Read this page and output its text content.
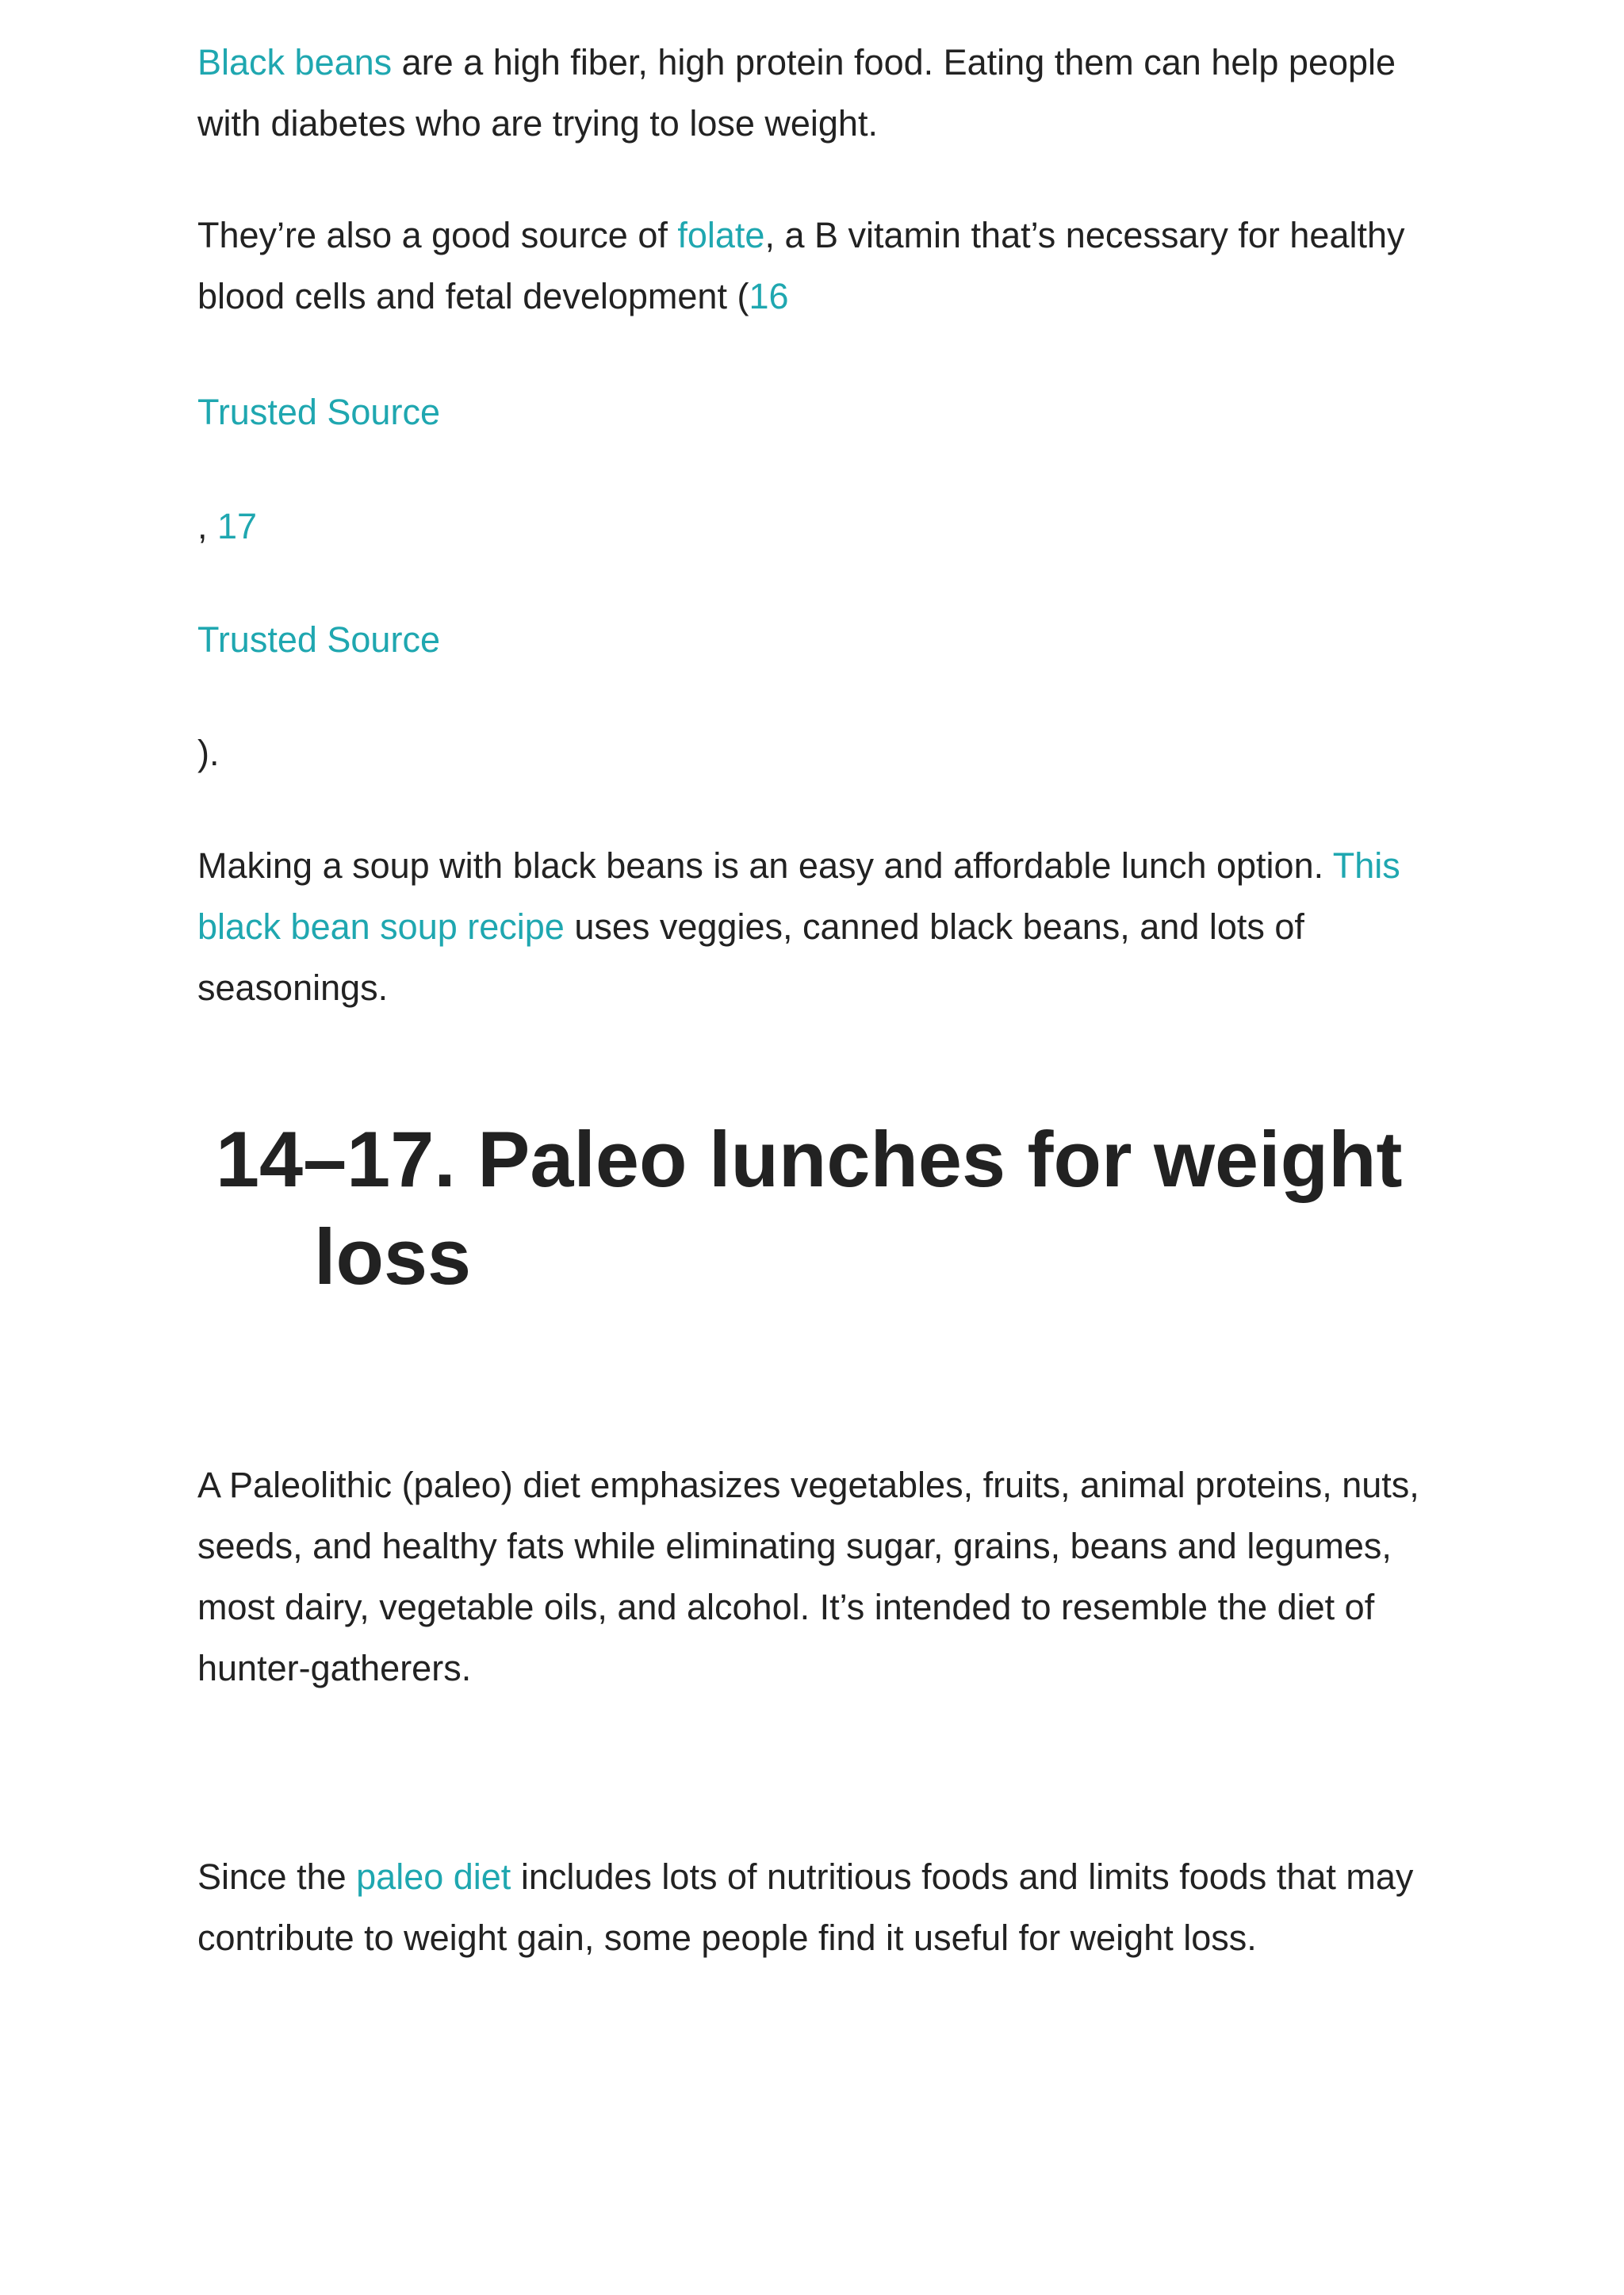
Black beans are a high fiber, high protein food. Eating them can help people with diabetes who are trying to lose weight.

They’re also a good source of folate, a B vitamin that’s necessary for healthy blood cells and fetal development (16

Trusted Source

, 17

Trusted Source

).

Making a soup with black beans is an easy and affordable lunch option. This black bean soup recipe uses veggies, canned black beans, and lots of seasonings.

14–17. Paleo lunches for weight
loss

A Paleolithic (paleo) diet emphasizes vegetables, fruits, animal proteins, nuts, seeds, and healthy fats while eliminating sugar, grains, beans and legumes, most dairy, vegetable oils, and alcohol. It’s intended to resemble the diet of hunter-gatherers.

Since the paleo diet includes lots of nutritious foods and limits foods that may contribute to weight gain, some people find it useful for weight loss.
